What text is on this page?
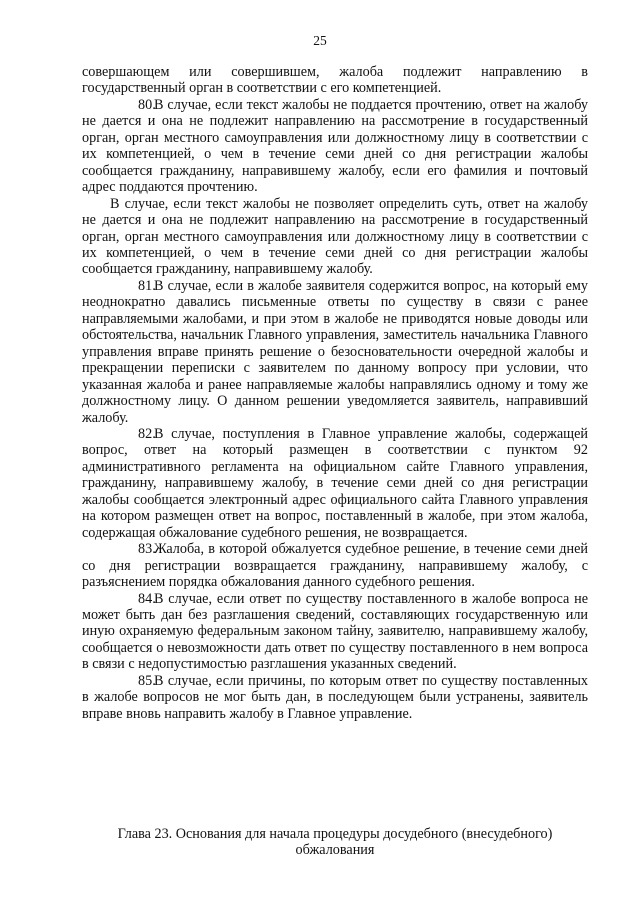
25

совершающем или совершившем, жалоба подлежит направлению в государственный орган в соответствии с его компетенцией.

80.В случае, если текст жалобы не поддается прочтению, ответ на жалобу не дается и она не подлежит направлению на рассмотрение в государственный орган, орган местного самоуправления или должностному лицу в соответствии с их компетенцией, о чем в течение семи дней со дня регистрации жалобы сообщается гражданину, направившему жалобу, если его фамилия и почтовый адрес поддаются прочтению.

В случае, если текст жалобы не позволяет определить суть, ответ на жалобу не дается и она не подлежит направлению на рассмотрение в государственный орган, орган местного самоуправления или должностному лицу в соответствии с их компетенцией, о чем в течение семи дней со дня регистрации жалобы сообщается гражданину, направившему жалобу.

81.В случае, если в жалобе заявителя содержится вопрос, на который ему неоднократно давались письменные ответы по существу в связи с ранее направляемыми жалобами, и при этом в жалобе не приводятся новые доводы или обстоятельства, начальник Главного управления, заместитель начальника Главного управления вправе принять решение о безосновательности очередной жалобы и прекращении переписки с заявителем по данному вопросу при условии, что указанная жалоба и ранее направляемые жалобы направлялись одному и тому же должностному лицу. О данном решении уведомляется заявитель, направивший жалобу.

82.В случае, поступления в Главное управление жалобы, содержащей вопрос, ответ на который размещен в соответствии с пунктом 92 административного регламента на официальном сайте Главного управления, гражданину, направившему жалобу, в течение семи дней со дня регистрации жалобы сообщается электронный адрес официального сайта Главного управления на котором размещен ответ на вопрос, поставленный в жалобе, при этом жалоба, содержащая обжалование судебного решения, не возвращается.

83.Жалоба, в которой обжалуется судебное решение, в течение семи дней со дня регистрации возвращается гражданину, направившему жалобу, с разъяснением порядка обжалования данного судебного решения.

84.В случае, если ответ по существу поставленного в жалобе вопроса не может быть дан без разглашения сведений, составляющих государственную или иную охраняемую федеральным законом тайну, заявителю, направившему жалобу, сообщается о невозможности дать ответ по существу поставленного в нем вопроса в связи с недопустимостью разглашения указанных сведений.

85.В случае, если причины, по которым ответ по существу поставленных в жалобе вопросов не мог быть дан, в последующем были устранены, заявитель вправе вновь направить жалобу в Главное управление.

Глава 23. Основания для начала процедуры досудебного (внесудебного) обжалования
